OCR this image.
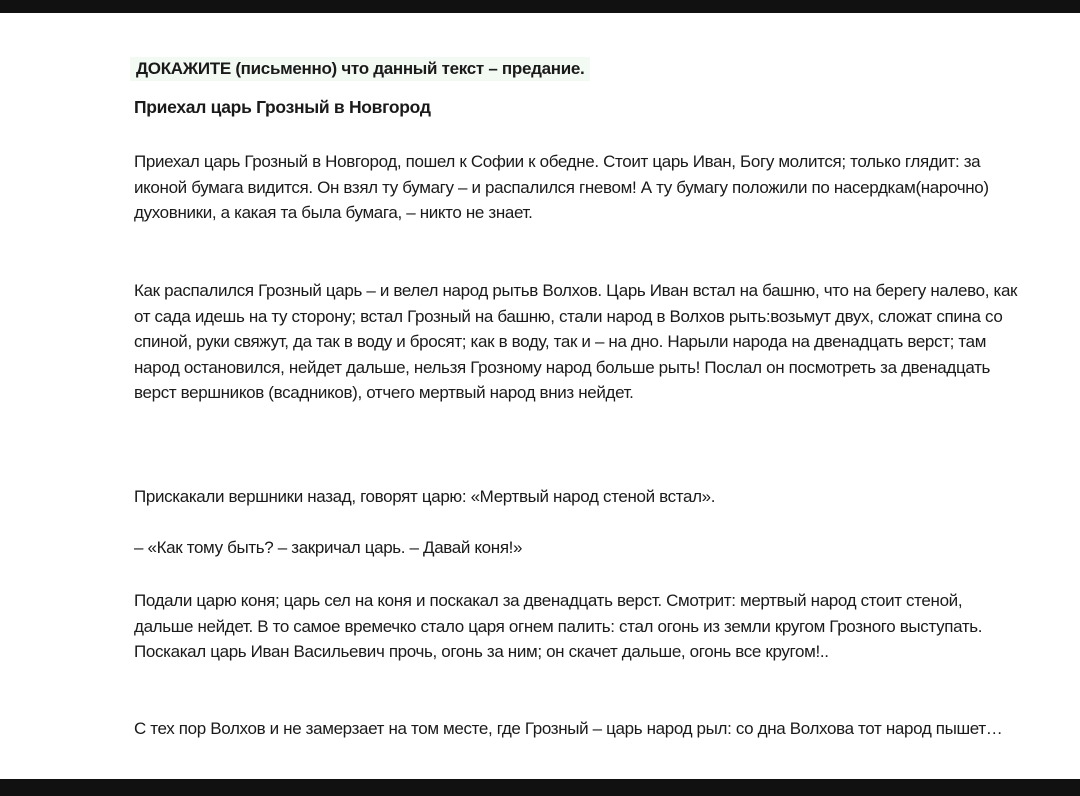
ДОКАЖИТЕ (письменно) что данный текст – предание.
Приехал царь Грозный в Новгород

Приехал царь Грозный в Новгород, пошел к Софии к обедне. Стоит царь Иван, Богу молится; только глядит: за иконой бумага видится. Он взял ту бумагу – и распалился гневом! А ту бумагу положили по насердкам(нарочно) духовники, а какая та была бумага, – никто не знает.

Как распалился Грозный царь – и велел народ рытьв Волхов. Царь Иван встал на башню, что на берегу налево, как от сада идешь на ту сторону; встал Грозный на башню, стали народ в Волхов рыть:возьмут двух, сложат спина со спиной, руки свяжут, да так в воду и бросят; как в воду, так и – на дно. Нарыли народа на двенадцать верст; там народ остановился, нейдет дальше, нельзя Грозному народ больше рыть! Послал он посмотреть за двенадцать верст вершников (всадников), отчего мертвый народ вниз нейдет.

Прискакали вершники назад, говорят царю: «Мертвый народ стеной встал».

– «Как тому быть? – закричал царь. – Давай коня!»

Подали царю коня; царь сел на коня и поскакал за двенадцать верст. Смотрит: мертвый народ стоит стеной, дальше нейдет. В то самое времечко стало царя огнем палить: стал огонь из земли кругом Грозного выступать. Поскакал царь Иван Васильевич прочь, огонь за ним; он скачет дальше, огонь все кругом!..

С тех пор Волхов и не замерзает на том месте, где Грозный – царь народ рыл: со дна Волхова тот народ пышет…
